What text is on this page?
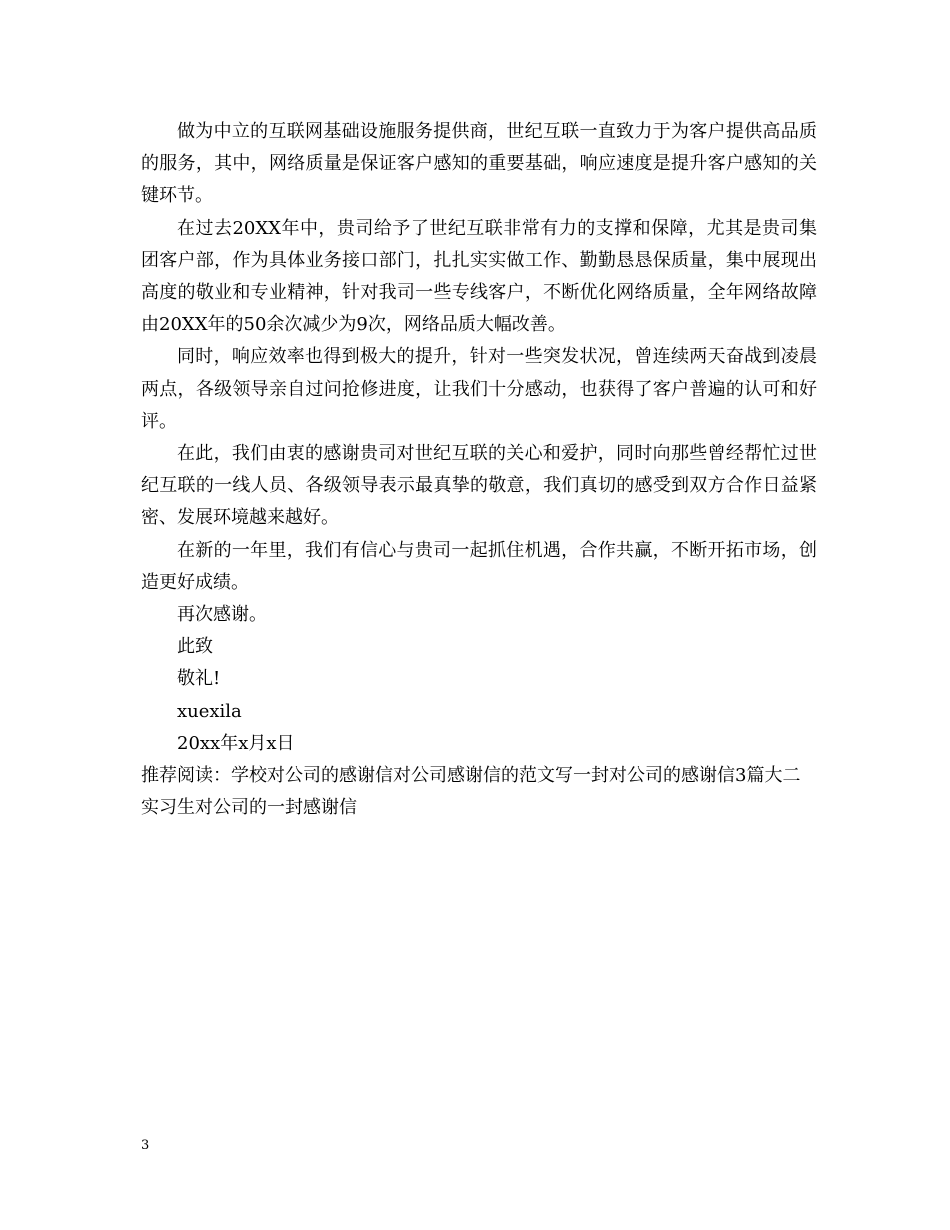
做为中立的互联网基础设施服务提供商，世纪互联一直致力于为客户提供高品质的服务，其中，网络质量是保证客户感知的重要基础，响应速度是提升客户感知的关键环节。

在过去20XX年中，贵司给予了世纪互联非常有力的支撑和保障，尤其是贵司集团客户部，作为具体业务接口部门，扎扎实实做工作、勤勤恳恳保质量，集中展现出高度的敬业和专业精神，针对我司一些专线客户，不断优化网络质量，全年网络故障由20XX年的50余次减少为9次，网络品质大幅改善。

同时，响应效率也得到极大的提升，针对一些突发状况，曾连续两天奋战到凌晨两点，各级领导亲自过问抢修进度，让我们十分感动，也获得了客户普遍的认可和好评。

在此，我们由衷的感谢贵司对世纪互联的关心和爱护，同时向那些曾经帮忙过世纪互联的一线人员、各级领导表示最真挚的敬意，我们真切的感受到双方合作日益紧密、发展环境越来越好。

在新的一年里，我们有信心与贵司一起抓住机遇，合作共赢，不断开拓市场，创造更好成绩。

再次感谢。

此致

敬礼!

xuexila

20xx年x月x日

推荐阅读：学校对公司的感谢信对公司感谢信的范文写一封对公司的感谢信3篇大二实习生对公司的一封感谢信

3
